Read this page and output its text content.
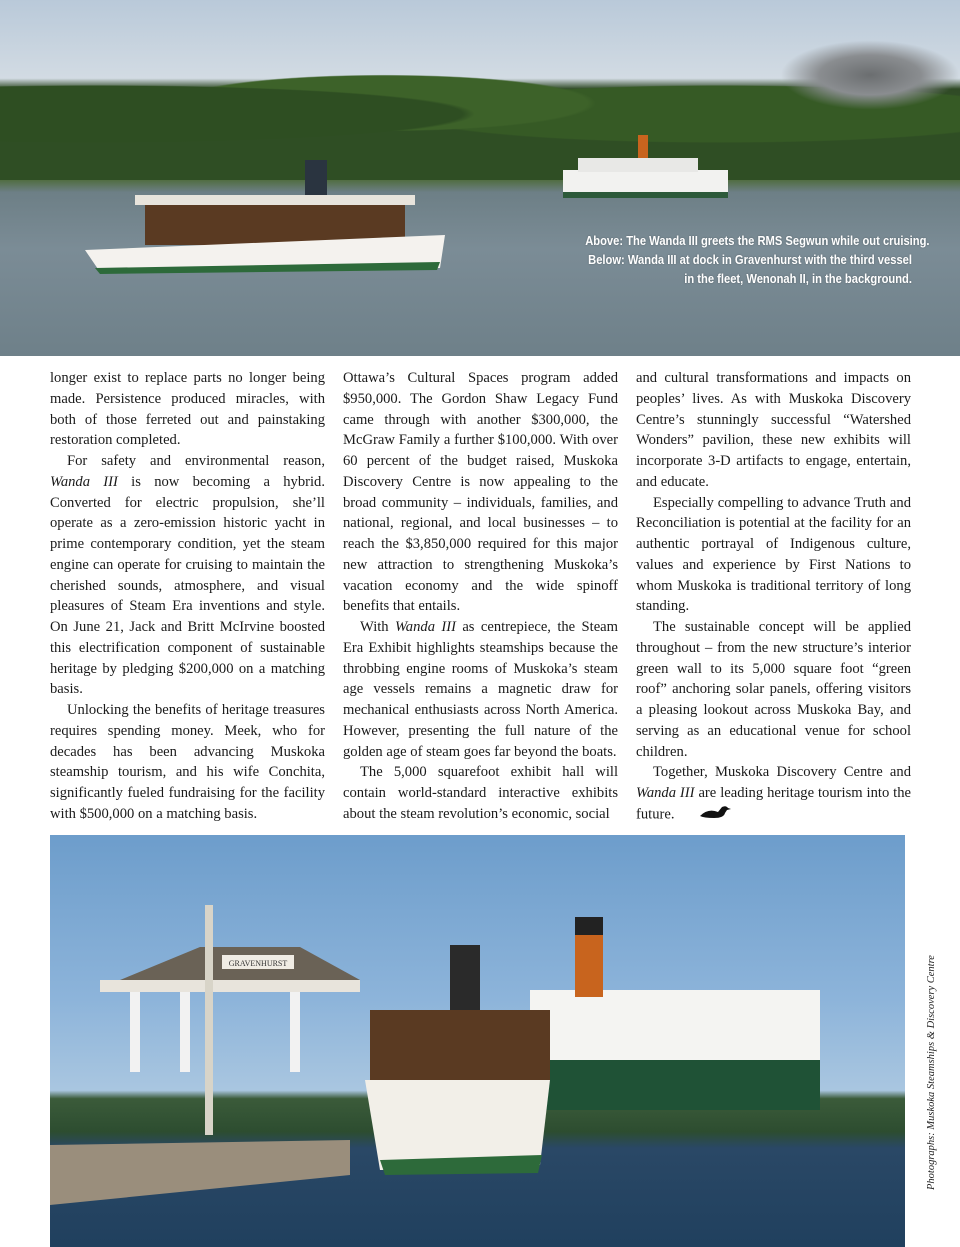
Above: The Wanda III greets the RMS Segwun while out cruising.
Below: Wanda III at dock in Gravenhurst with the third vessel
in the fleet, Wenonah II, in the background.

longer exist to replace parts no longer being made. Persistence produced miracles, with both of those ferreted out and painstaking restoration completed.

For safety and environmental reason, Wanda III is now becoming a hybrid. Converted for electric propulsion, she’ll operate as a zero-emission historic yacht in prime contemporary condition, yet the steam engine can operate for cruising to maintain the cherished sounds, atmosphere, and visual pleasures of Steam Era inventions and style. On June 21, Jack and Britt McIrvine boosted this electrification component of sustainable heritage by pledging $200,000 on a matching basis.

Unlocking the benefits of heritage treasures requires spending money. Meek, who for decades has been advancing Muskoka steamship tourism, and his wife Conchita, significantly fueled fundraising for the facility with $500,000 on a matching basis.

Ottawa’s Cultural Spaces program added $950,000. The Gordon Shaw Legacy Fund came through with another $300,000, the McGraw Family a further $100,000. With over 60 percent of the budget raised, Muskoka Discovery Centre is now appealing to the broad community – individuals, families, and national, regional, and local businesses – to reach the $3,850,000 required for this major new attraction to strengthening Muskoka’s vacation economy and the wide spinoff benefits that entails.

With Wanda III as centrepiece, the Steam Era Exhibit highlights steamships because the throbbing engine rooms of Muskoka’s steam age vessels remains a magnetic draw for mechanical enthusiasts across North America. However, presenting the full nature of the golden age of steam goes far beyond the boats.

The 5,000 squarefoot exhibit hall will contain world-standard interactive exhibits about the steam revolution’s economic, social

and cultural transformations and impacts on peoples’ lives. As with Muskoka Discovery Centre’s stunningly successful “Watershed Wonders” pavilion, these new exhibits will incorporate 3-D artifacts to engage, entertain, and educate.

Especially compelling to advance Truth and Reconciliation is potential at the facility for an authentic portrayal of Indigenous culture, values and experience by First Nations to whom Muskoka is traditional territory of long standing.

The sustainable concept will be applied throughout – from the new structure’s interior green wall to its 5,000 square foot “green roof” anchoring solar panels, offering visitors a pleasing lookout across Muskoka Bay, and serving as an educational venue for school children.

Together, Muskoka Discovery Centre and Wanda III are leading heritage tourism into the future.

GRAVENHURST	Photographs: Muskoka Steamships & Discovery Centre
